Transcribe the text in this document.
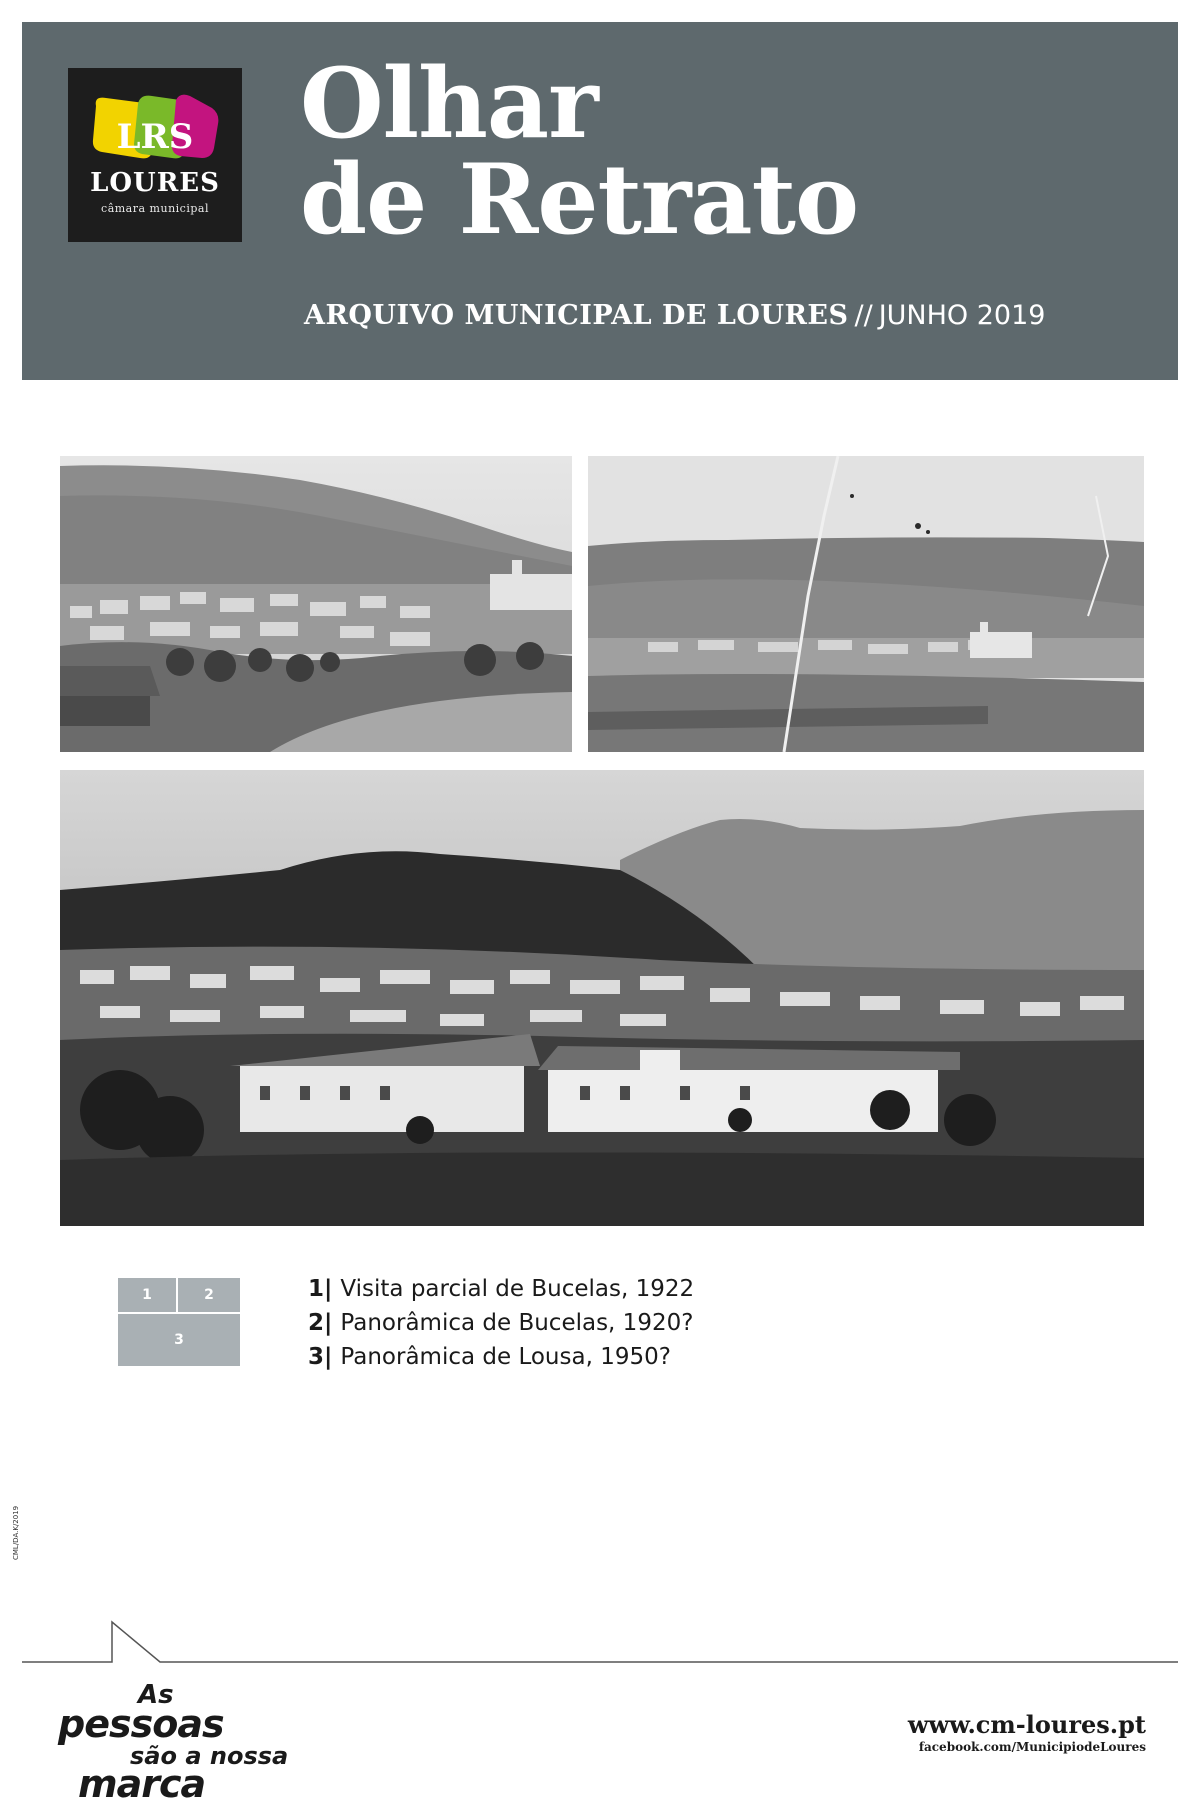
LRS
LOURES
câmara municipal
Olhar
de Retrato
ARQUIVO MUNICIPAL DE LOURES // JUNHO 2019
1	2
3
1| Visita parcial de Bucelas, 1922
2| Panorâmica de Bucelas, 1920?
3| Panorâmica de Lousa, 1950?
CML/DA.K/2019
As
pessoas
são a nossa
marca
www.cm-loures.pt
facebook.com/MunicipiodeLoures
